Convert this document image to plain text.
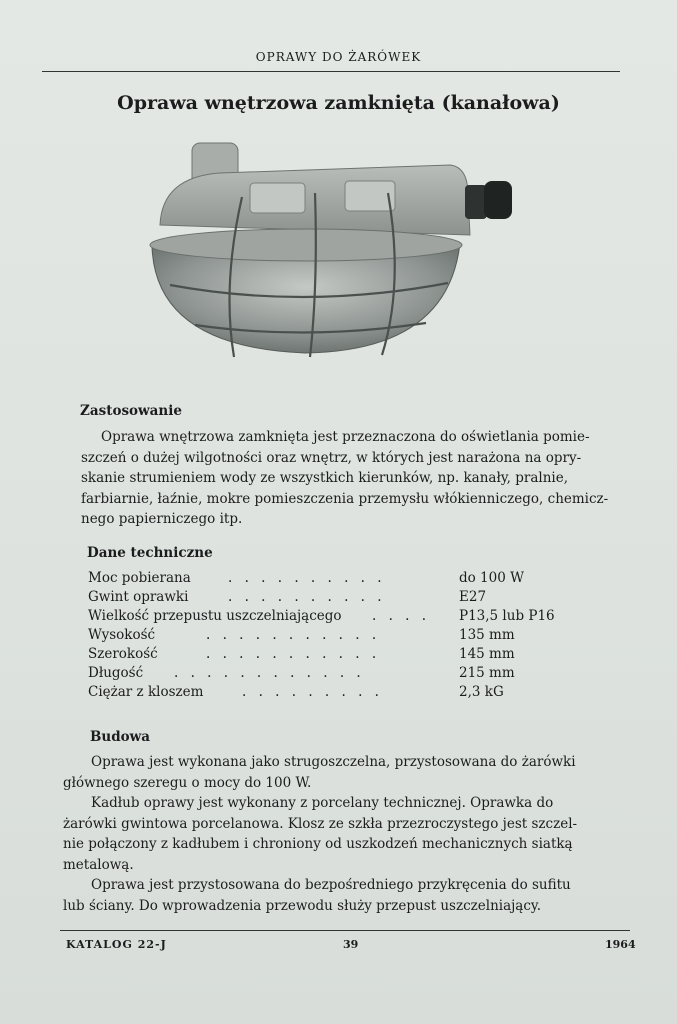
OPRAWY DO ŻARÓWEK
Oprawa wnętrzowa zamknięta (kanałowa)
Zastosowanie

Oprawa wnętrzowa zamknięta jest przeznaczona do oświetlania pomie-
szczeń o dużej wilgotności oraz wnętrz, w których jest narażona na opry-
skanie strumieniem wody ze wszystkich kierunków, np. kanały, pralnie,
farbiarnie, łaźnie, mokre pomieszczenia przemysłu włókienniczego, chemicz-
nego papierniczego itp.

Dane techniczne
Moc pobierana	. . . . . . . . . .	do 100 W
Gwint oprawki	. . . . . . . . . .	E27
Wielkość przepustu uszczelniającego . . . . P13,5 lub P16
Wysokość	. . . . . . . . . . .	135 mm
Szerokość	. . . . . . . . . . .	145 mm
Długość . . . . . . . . . . . .	215 mm
Ciężar z kloszem	. . . . . . . . .	2,3 kG
Budowa

Oprawa jest wykonana jako strugoszczelna, przystosowana do żarówki
głównego szeregu o mocy do 100 W.
Kadłub oprawy jest wykonany z porcelany technicznej. Oprawka do
żarówki gwintowa porcelanowa. Klosz ze szkła przezroczystego jest szczel-
nie połączony z kadłubem i chroniony od uszkodzeń mechanicznych siatką
metalową.
Oprawa jest przystosowana do bezpośredniego przykręcenia do sufitu
lub ściany. Do wprowadzenia przewodu służy przepust uszczelniający.

KATALOG 22-J	39	1964
